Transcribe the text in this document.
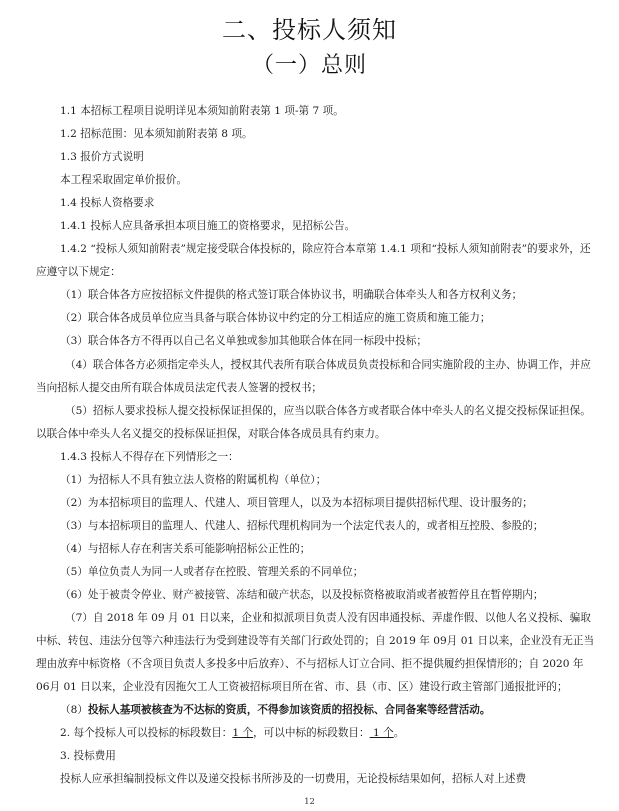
二、投标人须知
（一）总则

1.1 本招标工程项目说明详见本须知前附表第 1 项-第 7 项。

1.2 招标范围：见本须知前附表第 8 项。

1.3 报价方式说明

本工程采取固定单价报价。

1.4 投标人资格要求

1.4.1 投标人应具备承担本项目施工的资格要求，见招标公告。

1.4.2 “投标人须知前附表”规定接受联合体投标的，除应符合本章第 1.4.1 项和“投标人须知前附表”的要求外，还应遵守以下规定：

（1）联合体各方应按招标文件提供的格式签订联合体协议书，明确联合体牵头人和各方权利义务；

（2）联合体各成员单位应当具备与联合体协议中约定的分工相适应的施工资质和施工能力；

（3）联合体各方不得再以自己名义单独或参加其他联合体在同一标段中投标；

（4）联合体各方必须指定牵头人，授权其代表所有联合体成员负责投标和合同实施阶段的主办、协调工作，并应当向招标人提交由所有联合体成员法定代表人签署的授权书；

（5）招标人要求投标人提交投标保证担保的，应当以联合体各方或者联合体中牵头人的名义提交投标保证担保。以联合体中牵头人名义提交的投标保证担保，对联合体各成员具有约束力。

1.4.3 投标人不得存在下列情形之一：

（1）为招标人不具有独立法人资格的附属机构（单位）；

（2）为本招标项目的监理人、代建人、项目管理人，以及为本招标项目提供招标代理、设计服务的；

（3）与本招标项目的监理人、代建人、招标代理机构同为一个法定代表人的，或者相互控股、参股的；

（4）与招标人存在利害关系可能影响招标公正性的；

（5）单位负责人为同一人或者存在控股、管理关系的不同单位；

（6）处于被责令停业、财产被接管、冻结和破产状态，以及投标资格被取消或者被暂停且在暂停期内；

（7）自 2018 年 09 月 01 日以来，企业和拟派项目负责人没有因串通投标、弄虚作假、以他人名义投标、骗取中标、转包、违法分包等六种违法行为受到建设等有关部门行政处罚的；自 2019 年 09月 01 日以来，企业没有无正当理由放弃中标资格（不含项目负责人多投多中后放弃）、不与招标人订立合同、拒不提供履约担保情形的；自 2020 年 06月 01 日以来，企业没有因拖欠工人工资被招标项目所在省、市、县（市、区）建设行政主管部门通报批评的；

（8）投标人基项被核查为不达标的资质，不得参加该资质的招投标、合同备案等经营活动。

2. 每个投标人可以投标的标段数目：1 个，可以中标的标段数目： 1 个。

3. 投标费用

投标人应承担编制投标文件以及递交投标书所涉及的一切费用，无论投标结果如何，招标人对上述费

12
